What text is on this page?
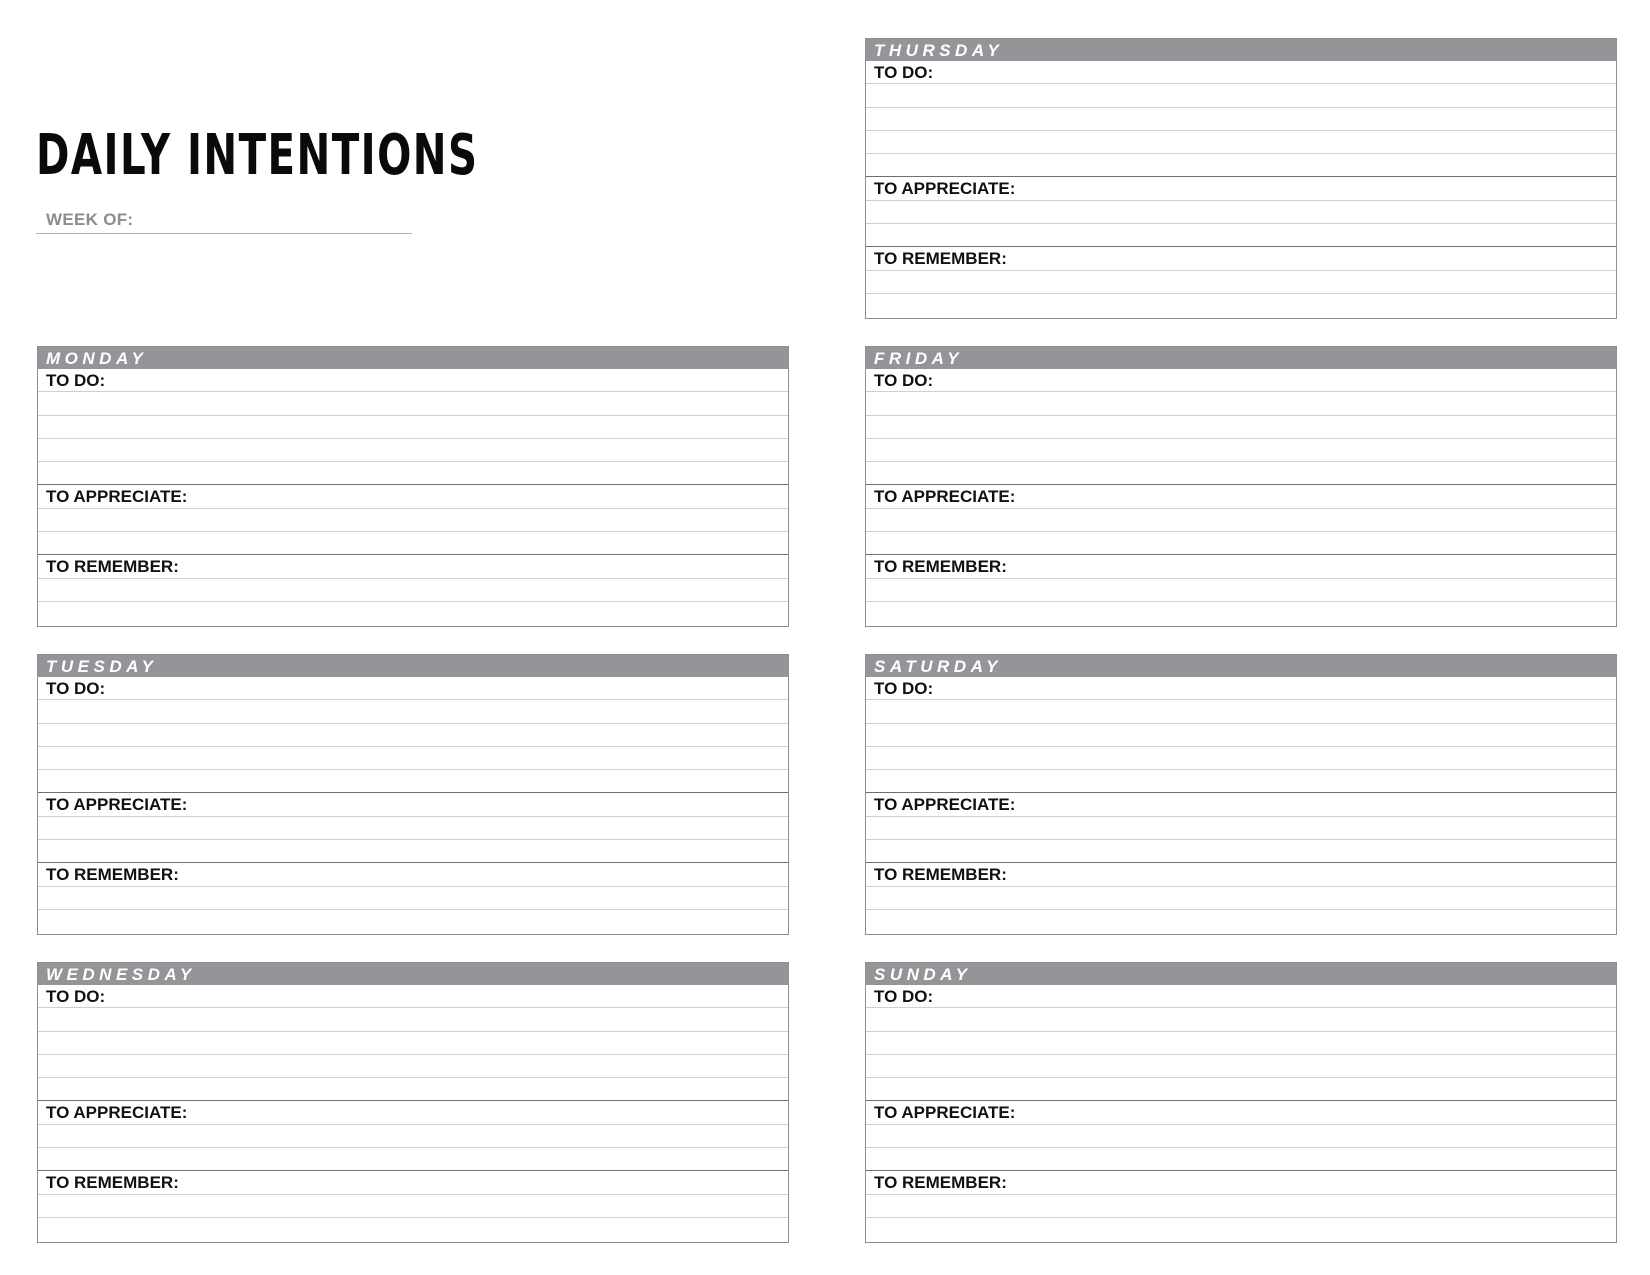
DAILY INTENTIONS
WEEK OF:
THURSDAY
TO DO:
TO APPRECIATE:
TO REMEMBER:
MONDAY
TO DO:
TO APPRECIATE:
TO REMEMBER:
FRIDAY
TO DO:
TO APPRECIATE:
TO REMEMBER:
TUESDAY
TO DO:
TO APPRECIATE:
TO REMEMBER:
SATURDAY
TO DO:
TO APPRECIATE:
TO REMEMBER:
WEDNESDAY
TO DO:
TO APPRECIATE:
TO REMEMBER:
SUNDAY
TO DO:
TO APPRECIATE:
TO REMEMBER:
